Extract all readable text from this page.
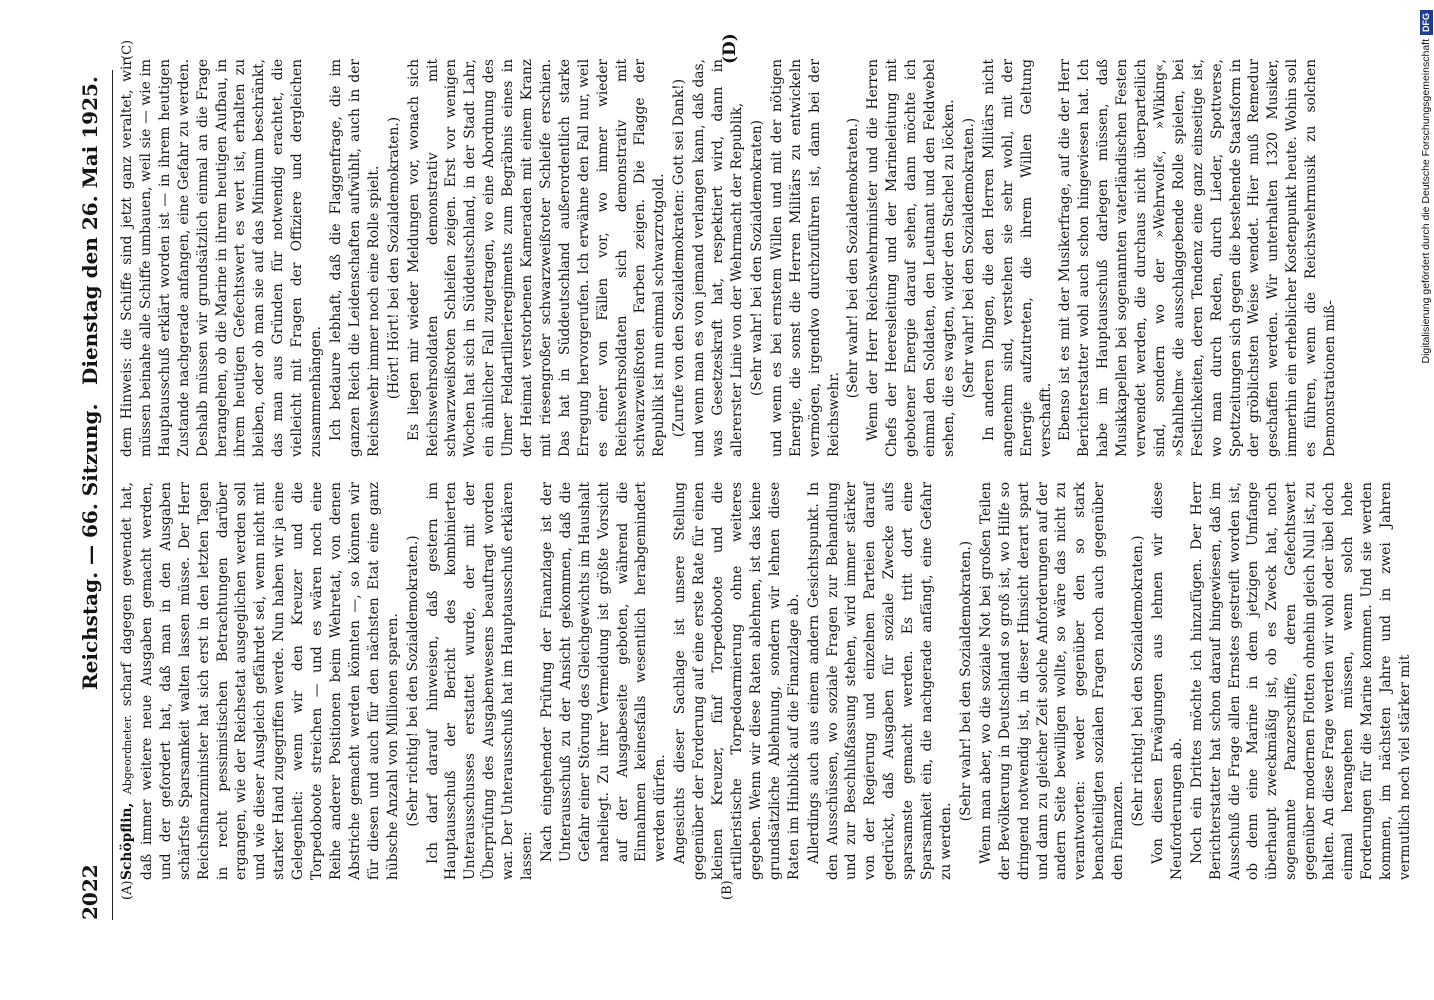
2022
Reichstag. — 66. Sitzung.
Dienstag den 26. Mai 1925.
(A)	(B)
(C)	(D)

Schöpflin, Abgeordneter. scharf dagegen gewendet hat, daß immer weitere neue Ausgaben gemacht werden, und der gefordert hat, daß man in den Ausgaben schärfste Sparsamkeit walten lassen müsse. Der Herr Reichsfinanzminister hat sich erst in den letzten Tagen in recht pessimistischen Betrachtungen darüber ergangen, wie der Reichsetat ausgeglichen werden soll und wie dieser Ausgleich gefährdet sei, wenn nicht mit starker Hand zugegriffen werde. Nun haben wir ja eine Gelegenheit: wenn wir den Kreuzer und die Torpedoboote streichen — und es wären noch eine Reihe anderer Positionen beim Wehretat, von denen Abstriche gemacht werden könnten —, so können wir für diesen und auch für den nächsten Etat eine ganz hübsche Anzahl von Millionen sparen. (Sehr richtig! bei den Sozialdemokraten.) Ich darf darauf hinweisen, daß gestern im Hauptausschuß der Bericht des kombinierten Unterausschusses erstattet wurde, der mit der Überprüfung des Ausgabenwesens beauftragt worden war. Der Unterausschuß hat im Hauptausschuß erklären lassen: Nach eingehender Prüfung der Finanzlage ist der Unterausschuß zu der Ansicht gekommen, daß die Gefahr einer Störung des Gleichgewichts im Haushalt naheliegt. Zu ihrer Vermeidung ist größte Vorsicht auf der Ausgabeseite geboten, während die Einnahmen keinesfalls wesentlich herabgemindert werden dürfen. Angesichts dieser Sachlage ist unsere Stellung gegenüber der Forderung auf eine erste Rate für einen kleinen Kreuzer, fünf Torpedoboote und die artilleristische Torpedoarmierung ohne weiteres gegeben. Wenn wir diese Raten ablehnen, ist das keine grundsätzliche Ablehnung, sondern wir lehnen diese Raten im Hinblick auf die Finanzlage ab. Allerdings auch aus einem andern Gesichtspunkt. In den Ausschüssen, wo soziale Fragen zur Behandlung und zur Beschlußfassung stehen, wird immer stärker von der Regierung und einzelnen Parteien darauf gedrückt, daß Ausgaben für soziale Zwecke aufs sparsamste gemacht werden. Es tritt dort eine Sparsamkeit ein, die nachgerade anfängt, eine Gefahr zu werden.

(Sehr wahr! bei den Sozialdemokraten.) Wenn man aber, wo die soziale Not bei großen Teilen der Bevölkerung in Deutschland so groß ist, wo Hilfe so dringend notwendig ist, in dieser Hinsicht derart spart und dann zu gleicher Zeit solche Anforderungen auf der andern Seite bewilligen wollte, so wäre das nicht zu verantworten: weder gegenüber den so stark benachteiligten sozialen Fragen noch auch gegenüber den Finanzen.

(Sehr richtig! bei den Sozialdemokraten.) Von diesen Erwägungen aus lehnen wir diese Neuforderungen ab. Noch ein Drittes möchte ich hinzufügen. Der Herr Berichterstatter hat schon darauf hingewiesen, daß im Ausschuß die Frage allen Ernstes gestreift worden ist, ob denn eine Marine in dem jetzigen Umfange überhaupt zweckmäßig ist, ob es Zweck hat, noch sogenannte Panzerschiffe, deren Gefechtswert gegenüber modernen Flotten ohnehin gleich Null ist, zu halten. An diese Frage werden wir wohl oder übel doch einmal herangehen müssen, wenn solch hohe Forderungen für die Marine kommen. Und sie werden kommen, im nächsten Jahre und in zwei Jahren vermutlich noch viel stärker mit

dem Hinweis: die Schiffe sind jetzt ganz veraltet, wir müssen beinahe alle Schiffe umbauen, weil sie — wie im Hauptausschuß erklärt worden ist — in ihrem heutigen Zustande nachgerade anfangen, eine Gefahr zu werden. Deshalb müssen wir grundsätzlich einmal an die Frage herangehen, ob die Marine in ihrem heutigen Aufbau, in ihrem heutigen Gefechtswert es wert ist, erhalten zu bleiben, oder ob man sie auf das Minimum beschränkt, das man aus Gründen für notwendig erachtet, die vielleicht mit Fragen der Offiziere und dergleichen zusammenhängen. Ich bedaure lebhaft, daß die Flaggenfrage, die im ganzen Reich die Leidenschaften aufwühlt, auch in der Reichswehr immer noch eine Rolle spielt. (Hört! Hört! bei den Sozialdemokraten.) Es liegen mir wieder Meldungen vor, wonach sich Reichswehrsoldaten demonstrativ mit schwarzweißroten Schleifen zeigen. Erst vor wenigen Wochen hat sich in Süddeutschland, in der Stadt Lahr, ein ähnlicher Fall zugetragen, wo eine Abordnung des Ulmer Feldartillerieregiments zum Begräbnis eines in der Heimat verstorbenen Kameraden mit einem Kranz mit riesengroßer schwarzweißroter Schleife erschien. Das hat in Süddeutschland außerordentlich starke Erregung hervorgerufen. Ich erwähne den Fall nur, weil es einer von Fällen vor, wo immer wieder Reichswehrsoldaten sich demonstrativ mit schwarzweißroten Farben zeigen. Die Flagge der Republik ist nun einmal schwarzrotgold. (Zurufe von den Sozialdemokraten: Gott sei Dank!) und wenn man es von jemand verlangen kann, daß das, was Gesetzeskraft hat, respektiert wird, dann in allererster Linie von der Wehrmacht der Republik, (Sehr wahr! bei den Sozialdemokraten) und wenn es bei ernstem Willen und mit der nötigen Energie, die sonst die Herren Militärs zu entwickeln vermögen, irgendwo durchzuführen ist, dann bei der Reichswehr.

(Sehr wahr! bei den Sozialdemokraten.) Wenn der Herr Reichswehrminister und die Herren Chefs der Heeresleitung und der Marineleitung mit gebotener Energie darauf sehen, dann möchte ich einmal den Soldaten, den Leutnant und den Feldwebel sehen, die es wagten, wider den Stachel zu löcken. (Sehr wahr! bei den Sozialdemokraten.) In anderen Dingen, die den Herren Militärs nicht angenehm sind, verstehen sie sehr wohl, mit der Energie aufzutreten, die ihrem Willen Geltung verschafft. Ebenso ist es mit der Musikerfrage, auf die der Herr Berichterstatter wohl auch schon hingewiesen hat. Ich habe im Hauptausschuß darlegen müssen, daß Musikkapellen bei sogenannten vaterländischen Festen verwendet werden, die durchaus nicht überparteilich sind, sondern wo der »Wehrwolf«, »Wiking«, »Stahlhelm« die ausschlaggebende Rolle spielen, bei Festlichkeiten, deren Tendenz eine ganz einseitige ist, wo man durch Reden, durch Lieder, Spottverse, Spottzeitungen sich gegen die bestehende Staatsform in der gröblichsten Weise wendet. Hier muß Remedur geschaffen werden. Wir unterhalten 1320 Musiker, immerhin ein erheblicher Kostenpunkt heute. Wohin soll es führen, wenn die Reichswehrmusik zu solchen Demonstrationen miß-

Digitalisierung gefördert durch die Deutsche ForschungsgemeinschaftDFG
